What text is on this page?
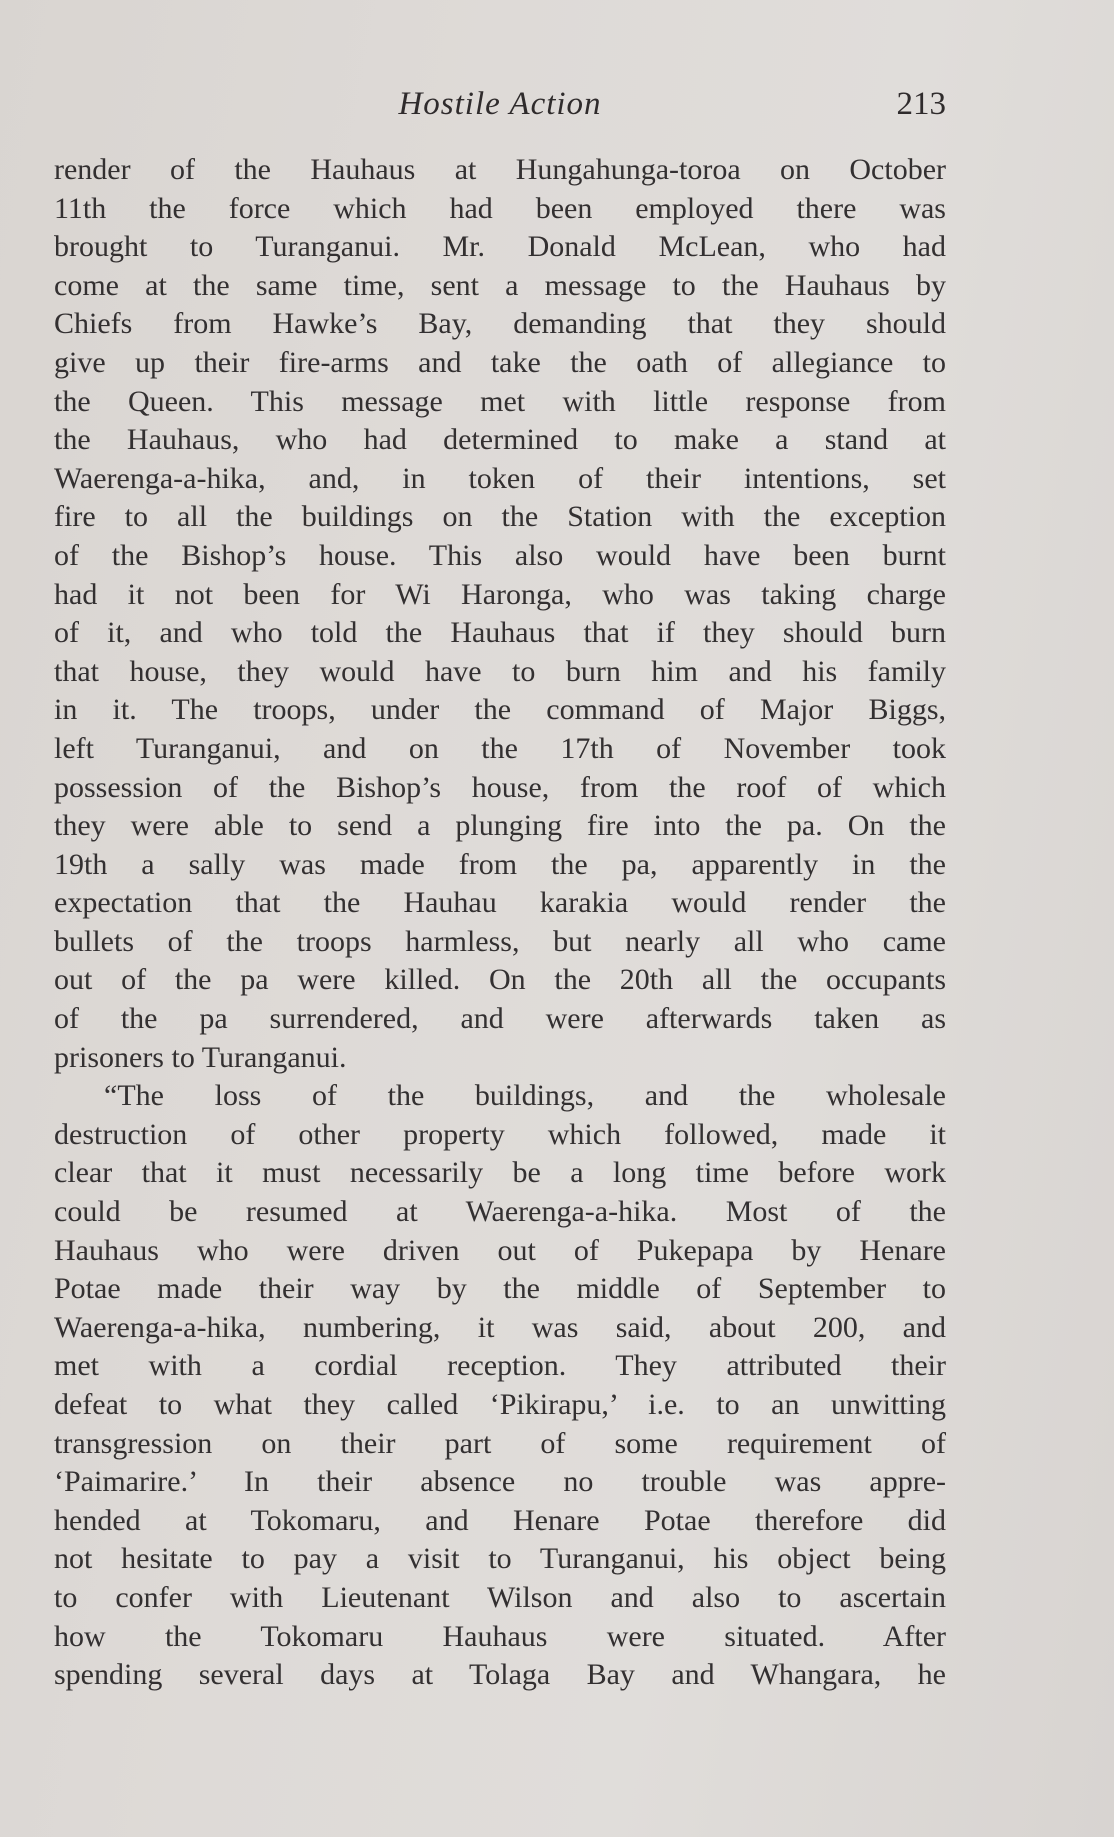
Hostile Action	213
render of the Hauhaus at Hungahunga-toroa on October
11th the force which had been employed there was
brought to Turanganui. Mr. Donald McLean, who had
come at the same time, sent a message to the Hauhaus by
Chiefs from Hawke’s Bay, demanding that they should
give up their fire-arms and take the oath of allegiance to
the Queen. This message met with little response from
the Hauhaus, who had determined to make a stand at
Waerenga-a-hika, and, in token of their intentions, set
fire to all the buildings on the Station with the exception
of the Bishop’s house. This also would have been burnt
had it not been for Wi Haronga, who was taking charge
of it, and who told the Hauhaus that if they should burn
that house, they would have to burn him and his family
in it. The troops, under the command of Major Biggs,
left Turanganui, and on the 17th of November took
possession of the Bishop’s house, from the roof of which
they were able to send a plunging fire into the pa. On the
19th a sally was made from the pa, apparently in the
expectation that the Hauhau karakia would render the
bullets of the troops harmless, but nearly all who came
out of the pa were killed. On the 20th all the occupants
of the pa surrendered, and were afterwards taken as
prisoners to Turanganui.
“The loss of the buildings, and the wholesale
destruction of other property which followed, made it
clear that it must necessarily be a long time before work
could be resumed at Waerenga-a-hika. Most of the
Hauhaus who were driven out of Pukepapa by Henare
Potae made their way by the middle of September to
Waerenga-a-hika, numbering, it was said, about 200, and
met with a cordial reception. They attributed their
defeat to what they called ‘Pikirapu,’ i.e. to an unwitting
transgression on their part of some requirement of
‘Paimarire.’ In their absence no trouble was appre-
hended at Tokomaru, and Henare Potae therefore did
not hesitate to pay a visit to Turanganui, his object being
to confer with Lieutenant Wilson and also to ascertain
how the Tokomaru Hauhaus were situated. After
spending several days at Tolaga Bay and Whangara, he
